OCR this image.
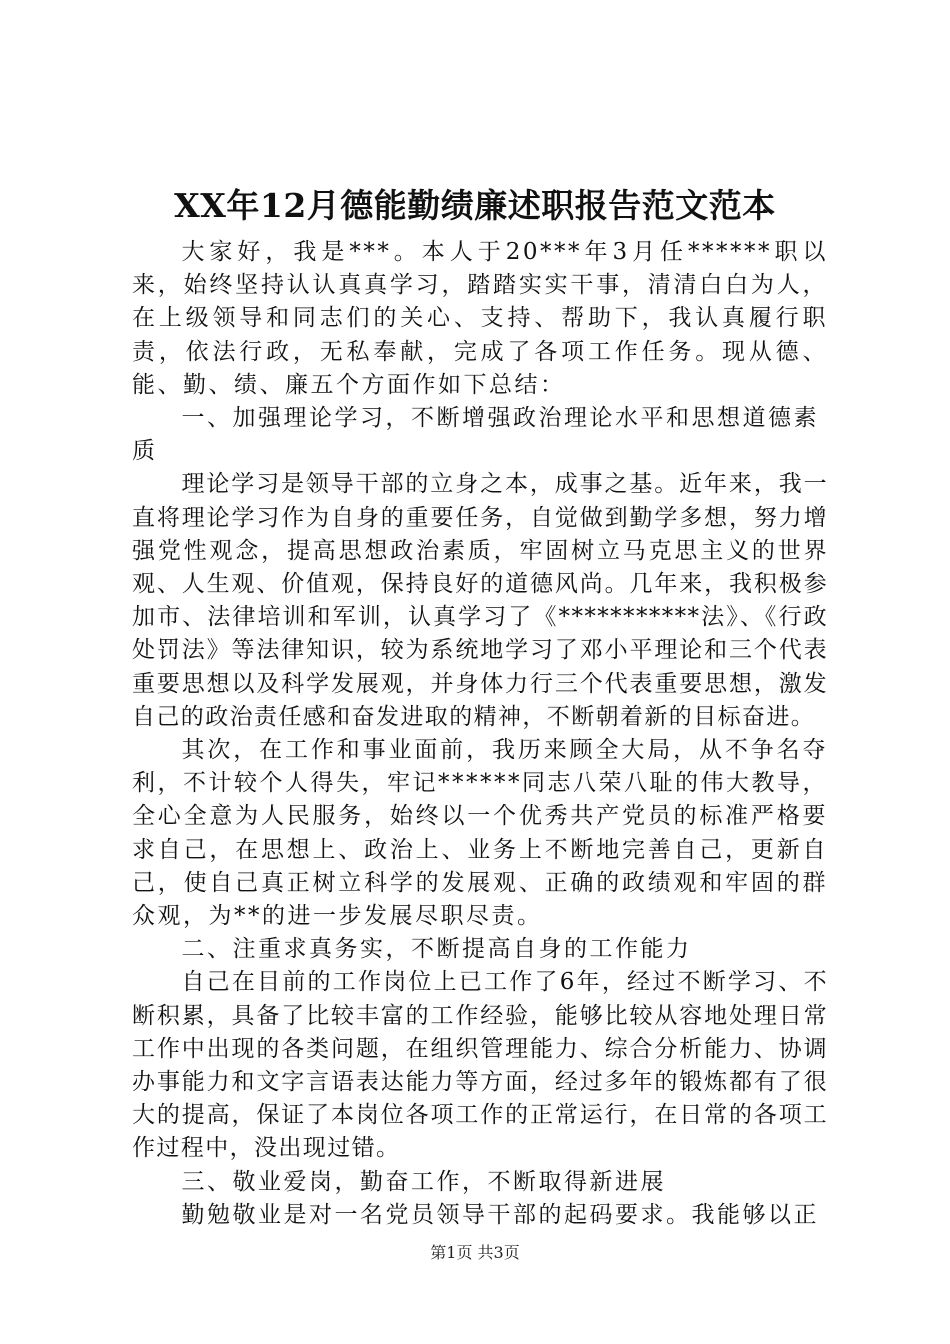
XX年12月德能勤绩廉述职报告范文范本

大家好，我是***。本人于20***年3月任******职以来，始终坚持认认真真学习，踏踏实实干事，清清白白为人，在上级领导和同志们的关心、支持、帮助下，我认真履行职责，依法行政，无私奉献，完成了各项工作任务。现从德、能、勤、绩、廉五个方面作如下总结：

一、加强理论学习，不断增强政治理论水平和思想道德素质

理论学习是领导干部的立身之本，成事之基。近年来，我一直将理论学习作为自身的重要任务，自觉做到勤学多想，努力增强党性观念，提高思想政治素质，牢固树立马克思主义的世界观、人生观、价值观，保持良好的道德风尚。几年来，我积极参加市、法律培训和军训，认真学习了《***********法》、《行政处罚法》等法律知识，较为系统地学习了邓小平理论和三个代表重要思想以及科学发展观，并身体力行三个代表重要思想，激发自己的政治责任感和奋发进取的精神，不断朝着新的目标奋进。

其次，在工作和事业面前，我历来顾全大局，从不争名夺利，不计较个人得失，牢记******同志八荣八耻的伟大教导，全心全意为人民服务，始终以一个优秀共产党员的标准严格要求自己，在思想上、政治上、业务上不断地完善自己，更新自己，使自己真正树立科学的发展观、正确的政绩观和牢固的群众观，为**的进一步发展尽职尽责。

二、注重求真务实，不断提高自身的工作能力

自己在目前的工作岗位上已工作了6年，经过不断学习、不断积累，具备了比较丰富的工作经验，能够比较从容地处理日常工作中出现的各类问题，在组织管理能力、综合分析能力、协调办事能力和文字言语表达能力等方面，经过多年的锻炼都有了很大的提高，保证了本岗位各项工作的正常运行，在日常的各项工作过程中，没出现过错。

三、敬业爱岗，勤奋工作，不断取得新进展

勤勉敬业是对一名党员领导干部的起码要求。我能够以正

第1页 共3页
